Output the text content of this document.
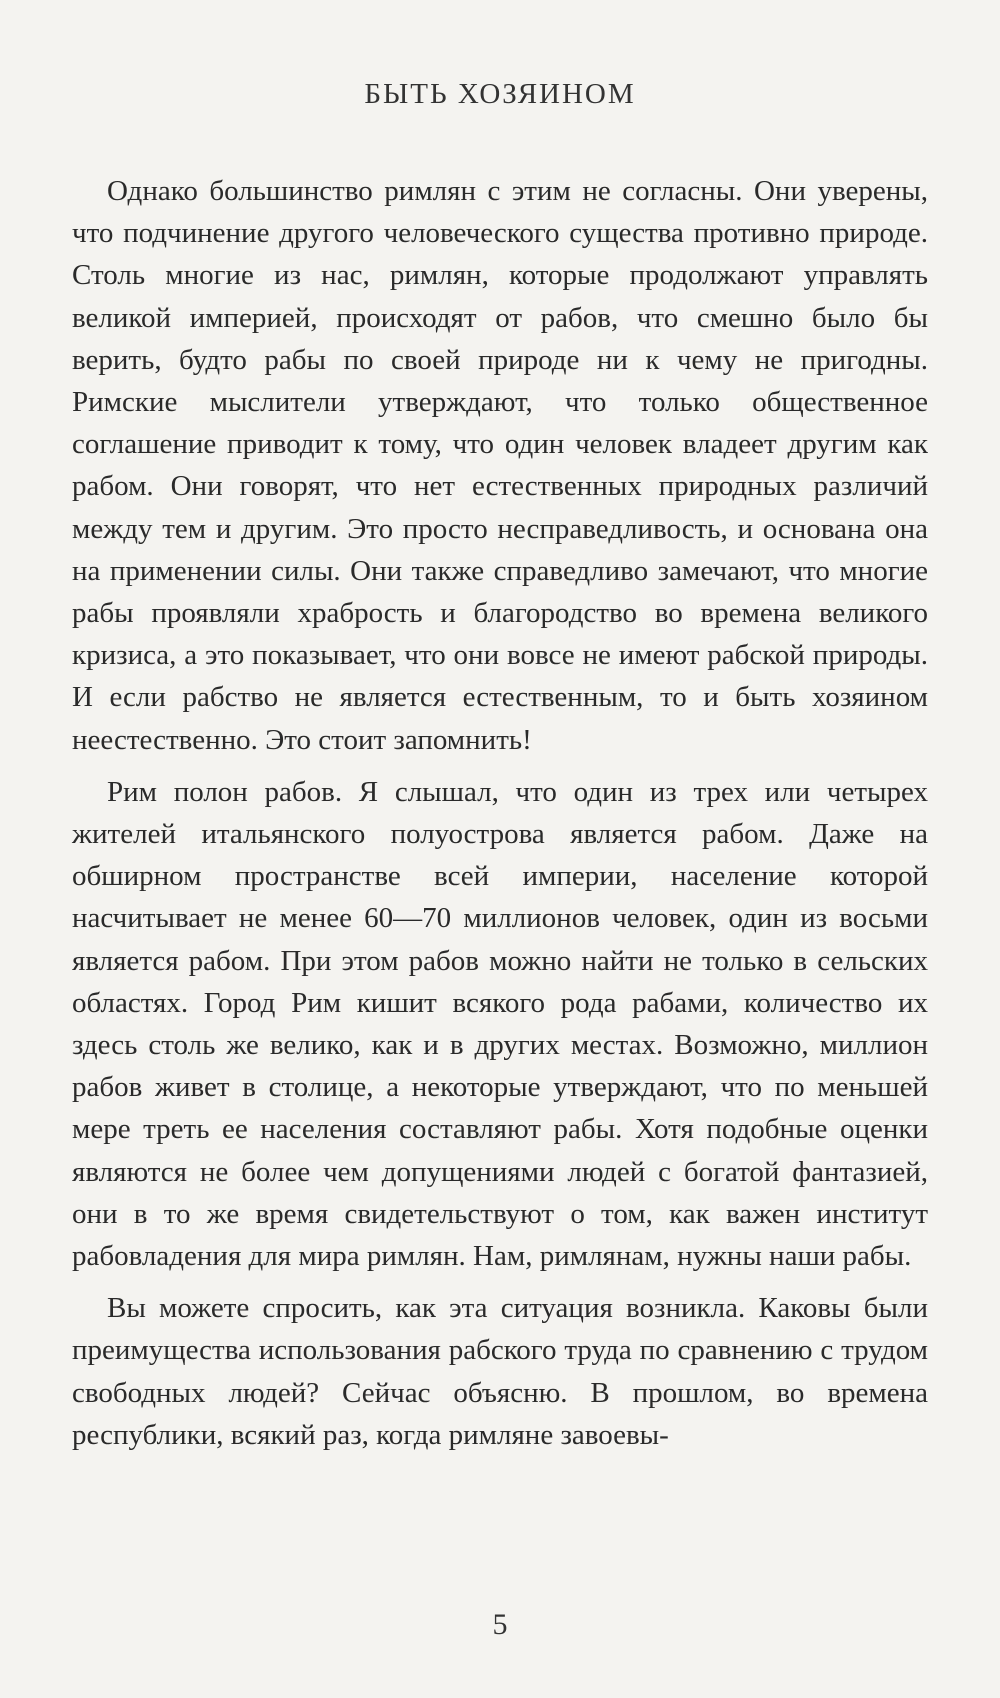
БЫТЬ ХОЗЯИНОМ

Однако большинство римлян с этим не согласны. Они уверены, что подчинение другого человеческого существа противно природе. Столь многие из нас, римлян, которые продолжают управлять великой империей, происходят от рабов, что смешно было бы верить, будто рабы по своей природе ни к чему не пригодны. Римские мыслители утверждают, что только общественное соглашение приводит к тому, что один человек владеет другим как рабом. Они говорят, что нет естественных природных различий между тем и другим. Это просто несправедливость, и основана она на применении силы. Они также справедливо замечают, что многие рабы проявляли храбрость и благородство во времена великого кризиса, а это показывает, что они вовсе не имеют рабской природы. И если рабство не является естественным, то и быть хозяином неестественно. Это стоит запомнить!

Рим полон рабов. Я слышал, что один из трех или четырех жителей итальянского полуострова является рабом. Даже на обширном пространстве всей империи, население которой насчитывает не менее 60—70 миллионов человек, один из восьми является рабом. При этом рабов можно найти не только в сельских областях. Город Рим кишит всякого рода рабами, количество их здесь столь же велико, как и в других местах. Возможно, миллион рабов живет в столице, а некоторые утверждают, что по меньшей мере треть ее населения составляют рабы. Хотя подобные оценки являются не более чем допущениями людей с богатой фантазией, они в то же время свидетельствуют о том, как важен институт рабовладения для мира римлян. Нам, римлянам, нужны наши рабы.

Вы можете спросить, как эта ситуация возникла. Каковы были преимущества использования рабского труда по сравнению с трудом свободных людей? Сейчас объясню. В прошлом, во времена республики, всякий раз, когда римляне завоевы-

5
